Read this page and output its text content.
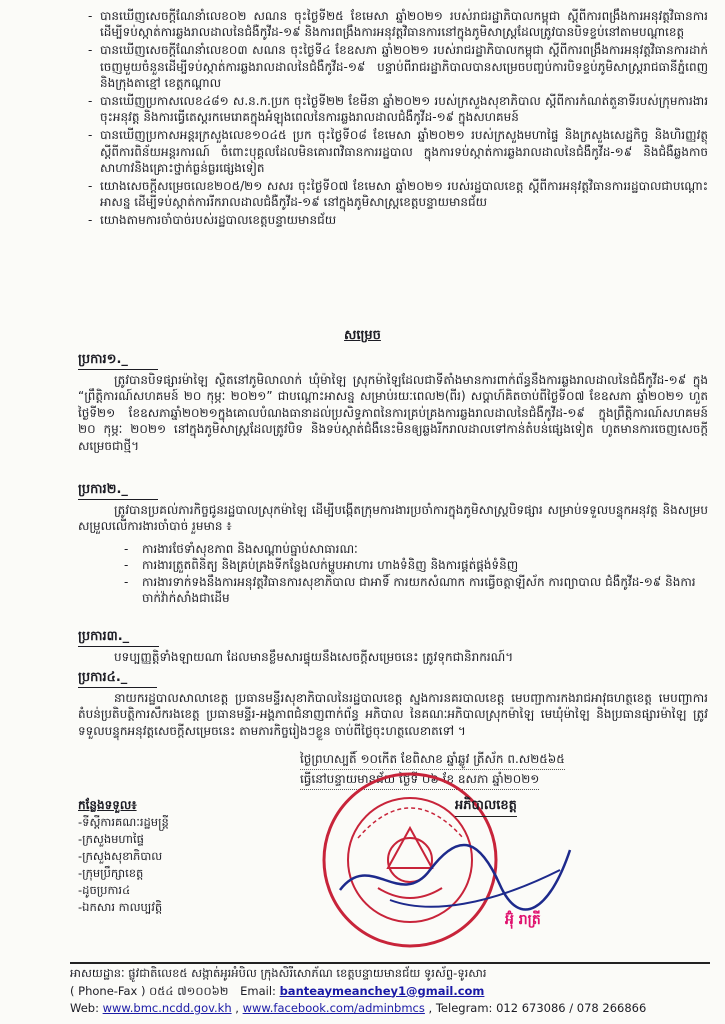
- បានឃើញសេចក្តីណែនាំលេខ០២ សណន ចុះថ្ងៃទី២៥ ខែមេសា ឆ្នាំ២០២១ របស់រាជរដ្ឋាភិបាលកម្ពុជា ស្តីពីការពង្រឹងការអនុវត្តវិធានការដើម្បីទប់ស្កាត់ការឆ្លងរាលដាលនៃជំងឺកូវីដ-១៩ និងការពង្រឹងការអនុវត្តវិធានការនៅក្នុងភូមិសាស្ត្រដែលត្រូវបានបិទខ្ទប់នៅតាមបណ្តាខេត្ត
- បានឃើញសេចក្តីណែនាំលេខ០៣ សណន ចុះថ្ងៃទី៤ ខែឧសភា ឆ្នាំ២០២១ របស់រាជរដ្ឋាភិបាលកម្ពុជា ស្តីពីការពង្រឹងការអនុវត្តវិធានការដាក់ចេញមួយចំនួនដើម្បីទប់ស្កាត់ការឆ្លងរាលដាលនៃជំងឺកូវីដ-១៩ បន្ទាប់ពីរាជរដ្ឋាភិបាលបានសម្រេចបញ្ចប់ការបិទខ្ទប់ភូមិសាស្ត្ររាជធានីភ្នំពេញ និងក្រុងតាខ្មៅ ខេត្តកណ្តាល
- បានឃើញប្រកាសលេខ៤៨១ ស.ន.ក.ប្រក ចុះថ្ងៃទី២២ ខែមីនា ឆ្នាំ២០២១ របស់ក្រសួងសុខាភិបាល ស្តីពីការកំណត់តួនាទីរបស់ក្រុមការងារចុះអនុវត្ត និងការធ្វើតេស្តរកមេរោគក្នុងអំឡុងពេលនៃការឆ្លងរាលដាលជំងឺកូវីដ-១៩ ក្នុងសហគមន៍
- បានឃើញប្រកាសអន្តរក្រសួងលេខ១០៤៥ ប្រក ចុះថ្ងៃទី០៨ ខែមេសា ឆ្នាំ២០២១ របស់ក្រសួងមហាផ្ទៃ និងក្រសួងសេដ្ឋកិច្ច និងហិរញ្ញវត្ថុ ស្តីពីការពិន័យអន្តរការណ៍ ចំពោះបុគ្គលដែលមិនគោរពវិធានការរដ្ឋបាល ក្នុងការទប់ស្កាត់ការឆ្លងរាលដាលនៃជំងឺកូវីដ-១៩ និងជំងឺឆ្លងកាចសាហាវនិងគ្រោះថ្នាក់ធ្ងន់ធ្ងរផ្សេងទៀត
- យោងសេចក្តីសម្រេចលេខ២០៥/២១ សសរ ចុះថ្ងៃទី០៧ ខែមេសា ឆ្នាំ២០២១ របស់រដ្ឋបាលខេត្ត ស្តីពីការអនុវត្តវិធានការរដ្ឋបាលជាបណ្តោះអាសន្ន ដើម្បីទប់ស្កាត់ការរីករាលដាលជំងឺកូវីដ-១៩ នៅក្នុងភូមិសាស្ត្រខេត្តបន្ទាយមានជ័យ
- យោងតាមការចាំបាច់របស់រដ្ឋបាលខេត្តបន្ទាយមានជ័យ
សម្រេច
ប្រការ១._
ត្រូវបានបិទផ្សារម៉ាឡៃ ស្ថិតនៅភូមិលាលាក់ ឃុំម៉ាឡៃ ស្រុកម៉ាឡៃដែលជាទីតាំងមានការពាក់ព័ន្ធនឹងការឆ្លងរាលដាលនៃជំងឺកូវីដ-១៩ ក្នុង “ព្រឹត្តិការណ៍សហគមន៍ ២០ កុម្ភៈ ២០២១” ជាបណ្តោះអាសន្ន សម្រាប់រយៈពេល២(ពីរ) សប្តាហ៍គិតចាប់ពីថ្ងៃទី០៧ ខែឧសភា ឆ្នាំ២០២១ ហួតថ្ងៃទី២១ ខែឧសភាឆ្នាំ២០២១ក្នុងគោលបំណងធានាដល់ប្រសិទ្ធភាពនៃការគ្រប់គ្រងការឆ្លងរាលដាលនៃជំងឺកូវីដ-១៩ ក្នុងព្រឹត្តិការណ៍សហគមន៍ ២០ កុម្ភៈ ២០២១ នៅក្នុងភូមិសាស្ត្រដែលត្រូវបិទ និងទប់ស្កាត់ជំងឺនេះមិនឲ្យឆ្លងរីករាលដាលទៅកាន់តំបន់ផ្សេងទៀត ហូតមានការចេញសេចក្តីសម្រេចជាថ្មី។
ប្រការ២._
ត្រូវបានប្រគល់ភារកិច្ចជូនរដ្ឋបាលស្រុកម៉ាឡៃ ដើម្បីបង្កើតក្រុមការងារប្រចាំការក្នុងភូមិសាស្ត្របិទផ្សារ សម្រាប់ទទួលបន្ទុកអនុវត្ត និងសម្របសម្រួលលើការងារចាំបាច់ រួមមាន ៖
-	ការងារថែទាំសុខភាព និងសណ្តាប់ធ្នាប់សាធារណៈ
-	ការងារត្រួតពិនិត្យ និងគ្រប់គ្រងទីកន្លែងលក់ម្ហូបអាហារ ហាងទំនិញ និងការផ្គត់ផ្គង់ទំនិញ
-	ការងារទាក់ទងនឹងការអនុវត្តវិធានការសុខាភិបាល ជាអាទិ៍ ការយកសំណាក ការធ្វើចត្តាឡីស័ក ការព្យាបាល ជំងឺកូវីដ-១៩ និងការចាក់វ៉ាក់សាំងជាដើម
ប្រការ៣._
បទប្បញ្ញត្តិទាំងឡាយណា ដែលមានខ្លឹមសារផ្ទុយនឹងសេចក្តីសម្រេចនេះ ត្រូវទុកជានិរាករណ៍។
ប្រការ៤._
នាយករដ្ឋបាលសាលាខេត្ត ប្រធានមន្ទីរសុខាភិបាលនៃរដ្ឋបាលខេត្ត ស្នងការនគរបាលខេត្ត មេបញ្ជាការកងរាជអាវុធហត្ថខេត្ត មេបញ្ជាការតំបន់ប្រតិបត្តិការសឹករងខេត្ត ប្រធានមន្ទីរ-អង្គភាពជំនាញពាក់ព័ន្ធ អភិបាល នៃគណៈអភិបាលស្រុកម៉ាឡៃ មេឃុំម៉ាឡៃ និងប្រធានផ្សារម៉ាឡៃ ត្រូវទទួលបន្ទុកអនុវត្តសេចក្តីសម្រេចនេះ តាមភារកិច្ចរៀងៗខ្លួន ចាប់ពីថ្ងៃចុះហត្ថលេខាតទៅ ។
ថ្ងៃព្រហស្បតិ៍ ១០កើត ខែពិសាខ ឆ្នាំឆ្លូវ ត្រីស័ក ព.ស២៥៦៥
ធ្វើនៅបន្ទាយមានជ័យ ថ្ងៃទី ០៦ ខែ ឧសភា ឆ្នាំ២០២១
អភិបាលខេត្ត
អ៊ុំ រាត្រី
កន្លែងទទួល៖
-ទីស្តីការគណៈរដ្ឋមន្ត្រី
-ក្រសួងមហាផ្ទៃ
-ក្រសួងសុខាភិបាល
-ក្រុមប្រឹក្សាខេត្ត
-ដូចប្រការ៤
-ឯកសារ កាលប្បវត្តិ
អាសយដ្ឋានៈ ផ្លូវជាតិលេខ៥ សង្កាត់អូរអំបិល ក្រុងសិរីសោភ័ណ ខេត្តបន្ទាយមានជ័យ ទូរស័ព្ទ-ទូរសារ
( Phone-Fax ) ០៥៤ ៧១០០៦២ Email: banteaymeanchey1@gmail.com
Web: www.bmc.ncdd.gov.kh , www.facebook.com/adminbmcs , Telegram: 012 673086 / 078 266866
